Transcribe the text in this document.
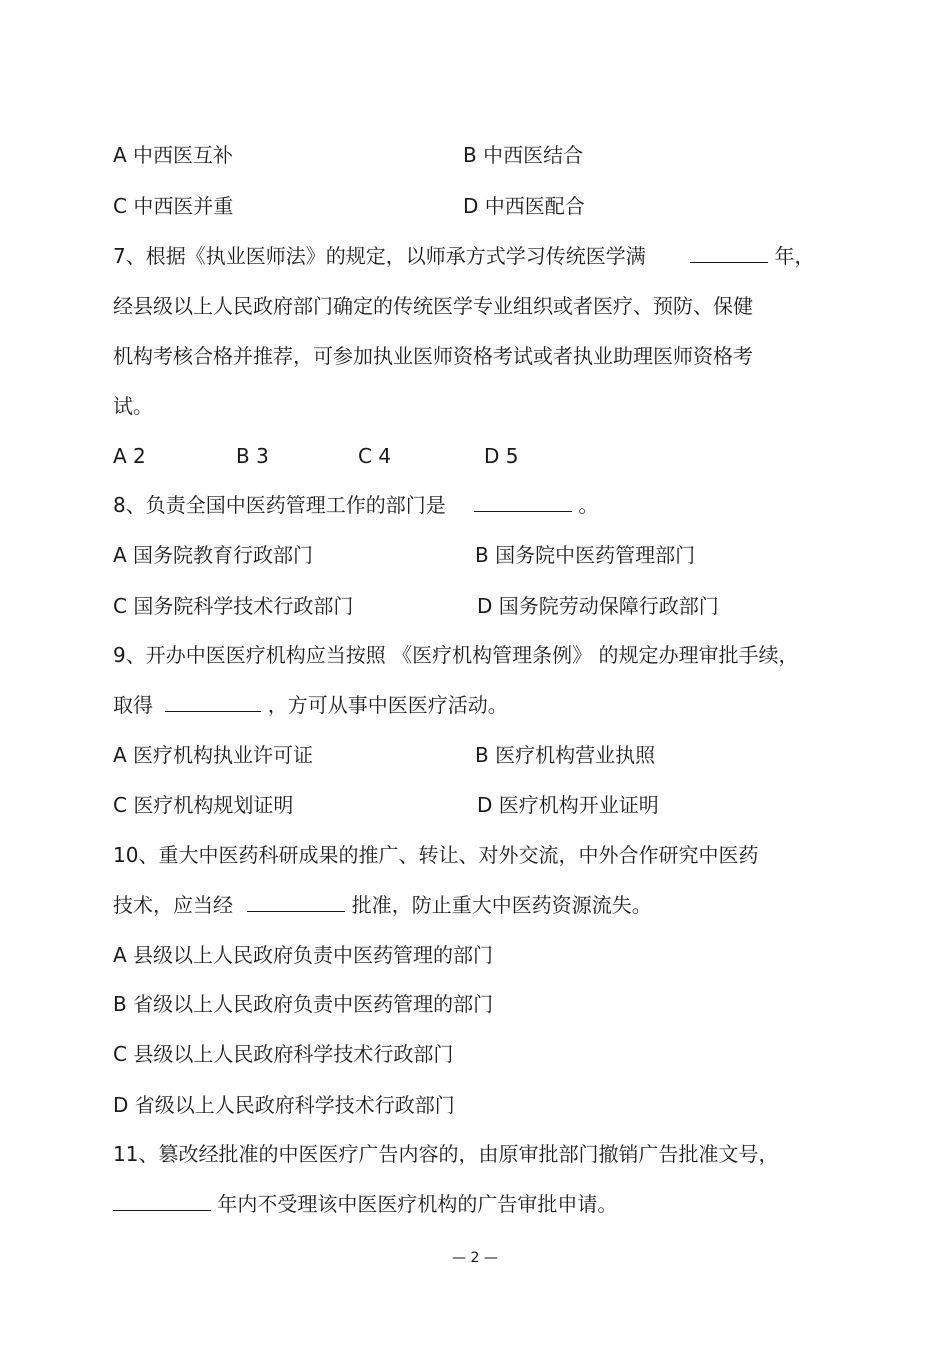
A 中西医互补	B 中西医结合
C 中西医并重	D 中西医配合
7、根据《执业医师法》的规定，以师承方式学习传统医学满	年，
经县级以上人民政府部门确定的传统医学专业组织或者医疗、预防、保健
机构考核合格并推荐，可参加执业医师资格考试或者执业助理医师资格考
试。
A 2	B 3	C 4	D 5
8、负责全国中医药管理工作的部门是	。
A 国务院教育行政部门	B 国务院中医药管理部门
C 国务院科学技术行政部门	D 国务院劳动保障行政部门
9、开办中医医疗机构应当按照 《医疗机构管理条例》 的规定办理审批手续，
取得	，方可从事中医医疗活动。
A 医疗机构执业许可证	B 医疗机构营业执照
C 医疗机构规划证明	D 医疗机构开业证明
10、重大中医药科研成果的推广、转让、对外交流，中外合作研究中医药
技术，应当经	批准，防止重大中医药资源流失。
A 县级以上人民政府负责中医药管理的部门
B 省级以上人民政府负责中医药管理的部门
C 县级以上人民政府科学技术行政部门
D 省级以上人民政府科学技术行政部门
11、篡改经批准的中医医疗广告内容的，由原审批部门撤销广告批准文号，
年内不受理该中医医疗机构的广告审批申请。
— 2 —
